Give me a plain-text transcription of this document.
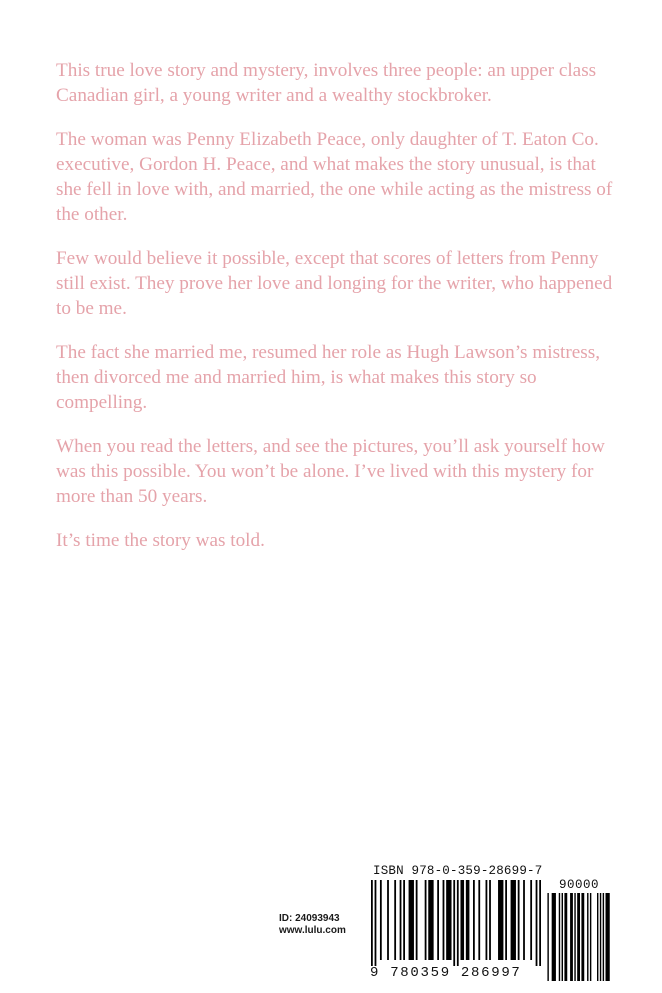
This true love story and mystery, involves three people: an upper class Canadian girl, a young writer and a wealthy stockbroker.

The woman was Penny Elizabeth Peace, only daughter of T. Eaton Co. executive, Gordon H. Peace, and what makes the story unusual, is that she fell in love with, and married, the one while acting as the mistress of the other.

Few would believe it possible, except that scores of letters from Penny still exist. They prove her love and longing for the writer, who happened to be me.

The fact she married me, resumed her role as Hugh Lawson’s mistress, then divorced me and married him, is what makes this story so compelling.

When you read the letters, and see the pictures, you’ll ask yourself how was this possible. You won’t be alone. I’ve lived with this mystery for more than 50 years.

It’s time the story was told.

ID: 24093943
www.lulu.com
ISBN 978-0-359-28699-7
90000
9 780359 286997
